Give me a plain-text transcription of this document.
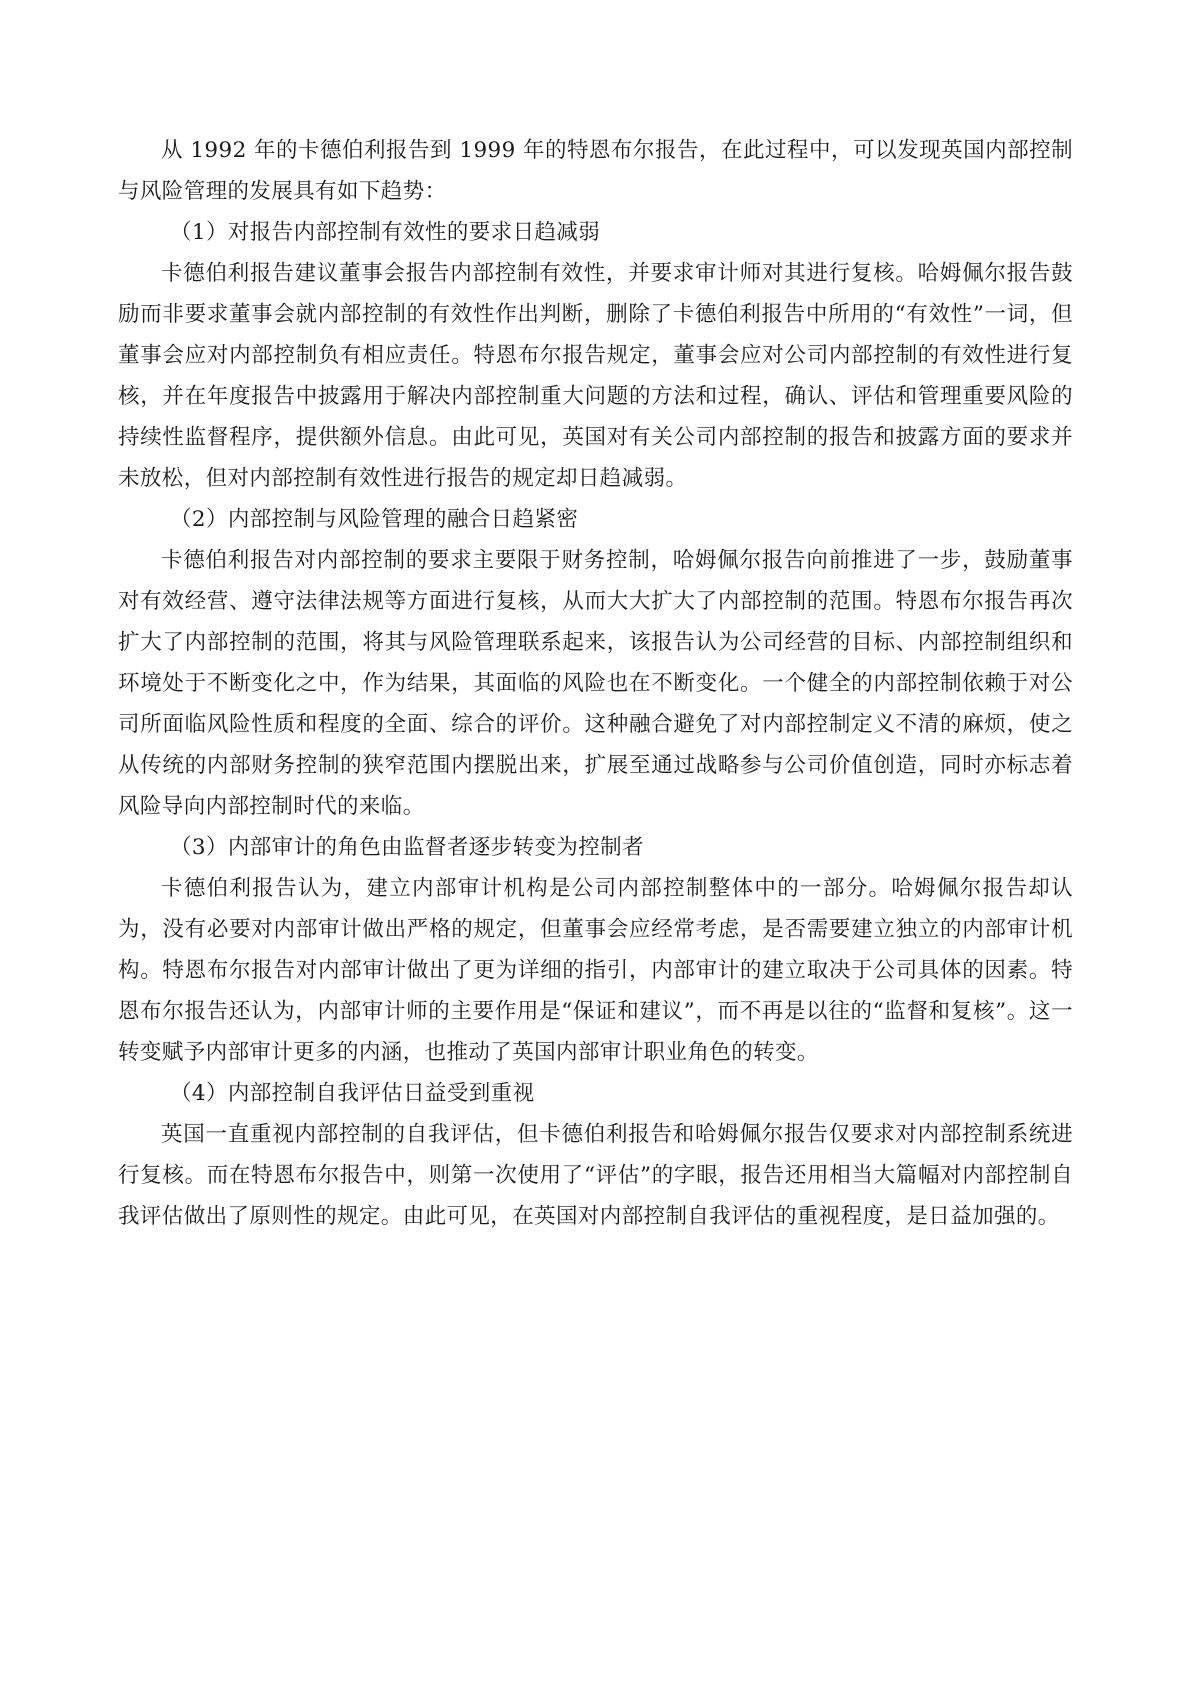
从 1992 年的卡德伯利报告到 1999 年的特恩布尔报告，在此过程中，可以发现英国内部控制与风险管理的发展具有如下趋势：

（1）对报告内部控制有效性的要求日趋减弱

卡德伯利报告建议董事会报告内部控制有效性，并要求审计师对其进行复核。哈姆佩尔报告鼓励而非要求董事会就内部控制的有效性作出判断，删除了卡德伯利报告中所用的“有效性”一词，但董事会应对内部控制负有相应责任。特恩布尔报告规定，董事会应对公司内部控制的有效性进行复核，并在年度报告中披露用于解决内部控制重大问题的方法和过程，确认、评估和管理重要风险的持续性监督程序，提供额外信息。由此可见，英国对有关公司内部控制的报告和披露方面的要求并未放松，但对内部控制有效性进行报告的规定却日趋减弱。

（2）内部控制与风险管理的融合日趋紧密

卡德伯利报告对内部控制的要求主要限于财务控制，哈姆佩尔报告向前推进了一步，鼓励董事对有效经营、遵守法律法规等方面进行复核，从而大大扩大了内部控制的范围。特恩布尔报告再次扩大了内部控制的范围，将其与风险管理联系起来，该报告认为公司经营的目标、内部控制组织和环境处于不断变化之中，作为结果，其面临的风险也在不断变化。一个健全的内部控制依赖于对公司所面临风险性质和程度的全面、综合的评价。这种融合避免了对内部控制定义不清的麻烦，使之从传统的内部财务控制的狭窄范围内摆脱出来，扩展至通过战略参与公司价值创造，同时亦标志着风险导向内部控制时代的来临。

（3）内部审计的角色由监督者逐步转变为控制者

卡德伯利报告认为，建立内部审计机构是公司内部控制整体中的一部分。哈姆佩尔报告却认为，没有必要对内部审计做出严格的规定，但董事会应经常考虑，是否需要建立独立的内部审计机构。特恩布尔报告对内部审计做出了更为详细的指引，内部审计的建立取决于公司具体的因素。特恩布尔报告还认为，内部审计师的主要作用是“保证和建议”，而不再是以往的“监督和复核”。这一转变赋予内部审计更多的内涵，也推动了英国内部审计职业角色的转变。

（4）内部控制自我评估日益受到重视

英国一直重视内部控制的自我评估，但卡德伯利报告和哈姆佩尔报告仅要求对内部控制系统进行复核。而在特恩布尔报告中，则第一次使用了“评估”的字眼，报告还用相当大篇幅对内部控制自我评估做出了原则性的规定。由此可见，在英国对内部控制自我评估的重视程度，是日益加强的。
